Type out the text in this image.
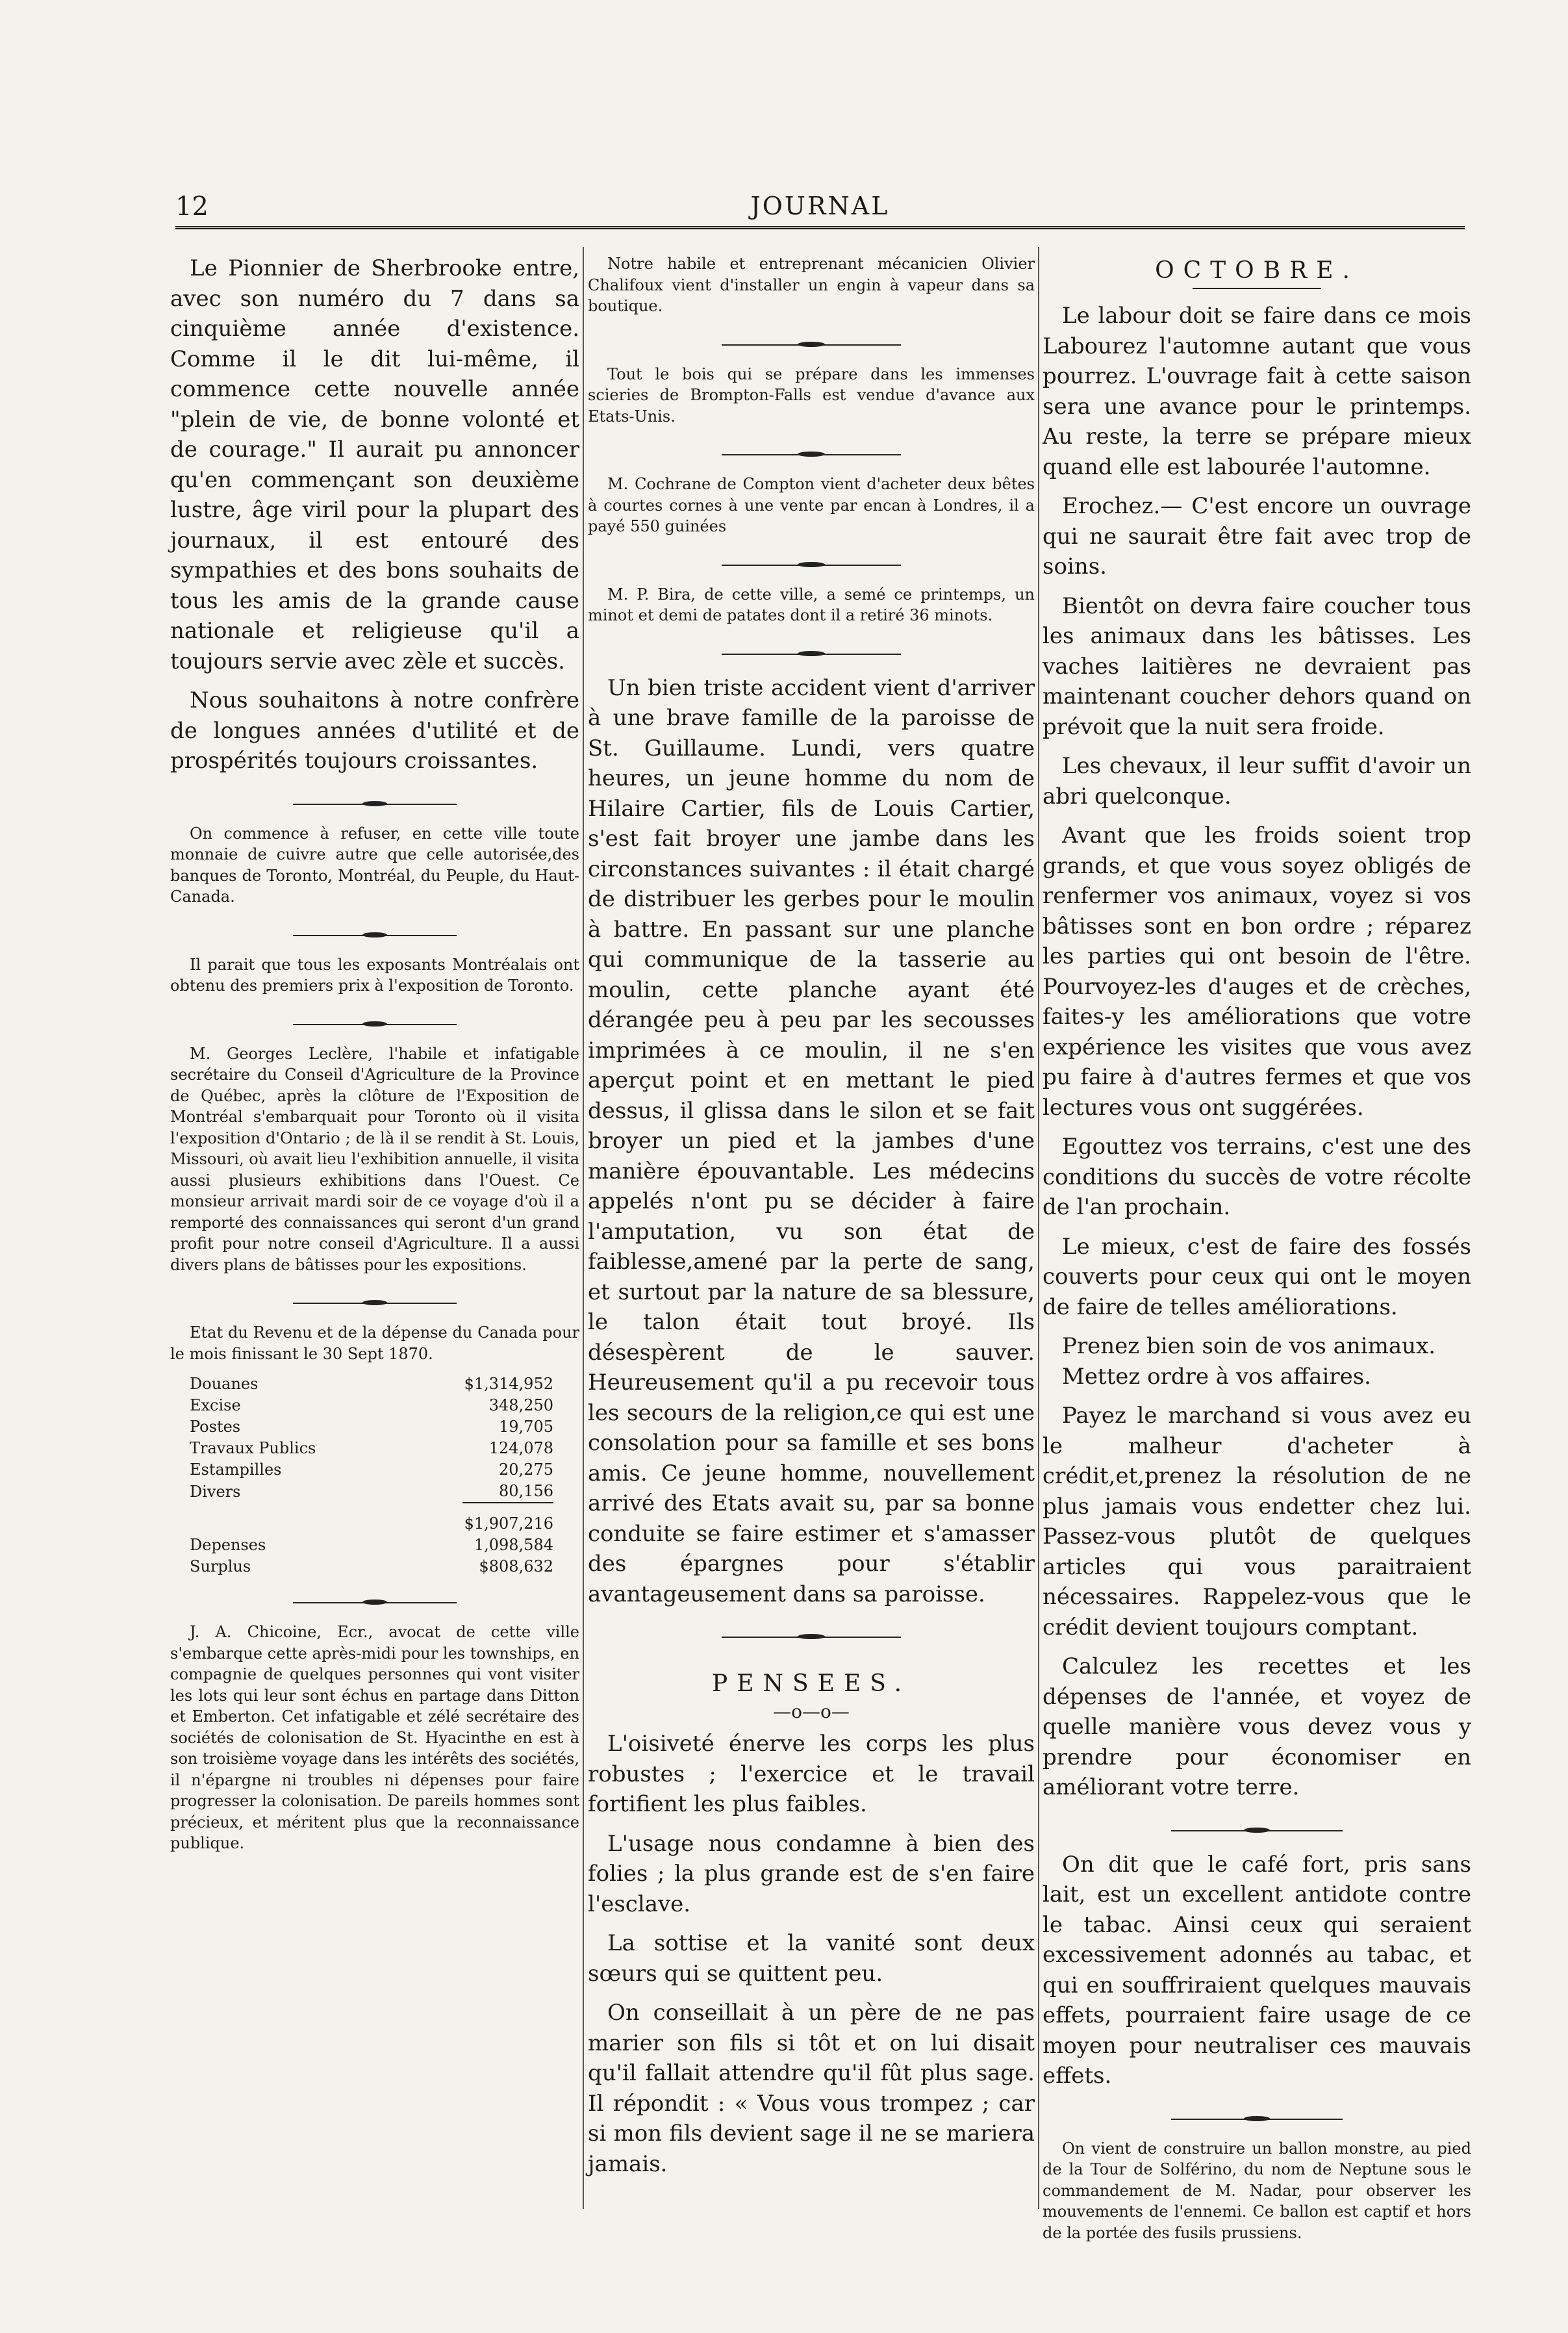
12	JOURNAL

Le Pionnier de Sherbrooke entre, avec son numéro du 7 dans sa cinquième année d'existence. Comme il le dit lui-même, il commence cette nouvelle année "plein de vie, de bonne volonté et de courage." Il aurait pu annoncer qu'en commençant son deuxième lustre, âge viril pour la plupart des journaux, il est entouré des sympathies et des bons souhaits de tous les amis de la grande cause nationale et religieuse qu'il a toujours servie avec zèle et succès.

Nous souhaitons à notre confrère de longues années d'utilité et de prospérités toujours croissantes.

On commence à refuser, en cette ville toute monnaie de cuivre autre que celle autorisée,des banques de Toronto, Montréal, du Peuple, du Haut-Canada.

Il parait que tous les exposants Montréalais ont obtenu des premiers prix à l'exposition de Toronto.

M. Georges Leclère, l'habile et infatigable secrétaire du Conseil d'Agriculture de la Province de Québec, après la clôture de l'Exposition de Montréal s'embarquait pour Toronto où il visita l'exposition d'Ontario ; de là il se rendit à St. Louis, Missouri, où avait lieu l'exhibition annuelle, il visita aussi plusieurs exhibitions dans l'Ouest. Ce monsieur arrivait mardi soir de ce voyage d'où il a remporté des connaissances qui seront d'un grand profit pour notre conseil d'Agriculture. Il a aussi divers plans de bâtisses pour les expositions.

Etat du Revenu et de la dépense du Canada pour le mois finissant le 30 Sept 1870.

Douanes	$1,314,952
Excise	348,250
Postes	19,705
Travaux Publics	124,078
Estampilles	20,275
Divers	80,156
	$1,907,216
Depenses	1,098,584
Surplus	$808,632

J. A. Chicoine, Ecr., avocat de cette ville s'embarque cette après-midi pour les townships, en compagnie de quelques personnes qui vont visiter les lots qui leur sont échus en partage dans Ditton et Emberton. Cet infatigable et zélé secrétaire des sociétés de colonisation de St. Hyacinthe en est à son troisième voyage dans les intérêts des sociétés, il n'épargne ni troubles ni dépenses pour faire progresser la colonisation. De pareils hommes sont précieux, et méritent plus que la reconnaissance publique.

Notre habile et entreprenant mécanicien Olivier Chalifoux vient d'installer un engin à vapeur dans sa boutique.

Tout le bois qui se prépare dans les immenses scieries de Brompton-Falls est vendue d'avance aux Etats-Unis.

M. Cochrane de Compton vient d'acheter deux bêtes à courtes cornes à une vente par encan à Londres, il a payé 550 guinées

M. P. Bira, de cette ville, a semé ce printemps, un minot et demi de patates dont il a retiré 36 minots.

Un bien triste accident vient d'arriver à une brave famille de la paroisse de St. Guillaume. Lundi, vers quatre heures, un jeune homme du nom de Hilaire Cartier, fils de Louis Cartier, s'est fait broyer une jambe dans les circonstances suivantes : il était chargé de distribuer les gerbes pour le moulin à battre. En passant sur une planche qui communique de la tasserie au moulin, cette planche ayant été dérangée peu à peu par les secousses imprimées à ce moulin, il ne s'en aperçut point et en mettant le pied dessus, il glissa dans le silon et se fait broyer un pied et la jambes d'une manière épouvantable. Les médecins appelés n'ont pu se décider à faire l'amputation, vu son état de faiblesse,amené par la perte de sang, et surtout par la nature de sa blessure, le talon était tout broyé. Ils désespèrent de le sauver. Heureusement qu'il a pu recevoir tous les secours de la religion,ce qui est une consolation pour sa famille et ses bons amis. Ce jeune homme, nouvellement arrivé des Etats avait su, par sa bonne conduite se faire estimer et s'amasser des épargnes pour s'établir avantageusement dans sa paroisse.

PENSEES.
—o—o—

L'oisiveté énerve les corps les plus robustes ; l'exercice et le travail fortifient les plus faibles.

L'usage nous condamne à bien des folies ; la plus grande est de s'en faire l'esclave.

La sottise et la vanité sont deux sœurs qui se quittent peu.

On conseillait à un père de ne pas marier son fils si tôt et on lui disait qu'il fallait attendre qu'il fût plus sage. Il répondit : « Vous vous trompez ; car si mon fils devient sage il ne se mariera jamais.

OCTOBRE.

Le labour doit se faire dans ce mois Labourez l'automne autant que vous pourrez. L'ouvrage fait à cette saison sera une avance pour le printemps. Au reste, la terre se prépare mieux quand elle est labourée l'automne.

Erochez.— C'est encore un ouvrage qui ne saurait être fait avec trop de soins.

Bientôt on devra faire coucher tous les animaux dans les bâtisses. Les vaches laitières ne devraient pas maintenant coucher dehors quand on prévoit que la nuit sera froide.

Les chevaux, il leur suffit d'avoir un abri quelconque.

Avant que les froids soient trop grands, et que vous soyez obligés de renfermer vos animaux, voyez si vos bâtisses sont en bon ordre ; réparez les parties qui ont besoin de l'être. Pourvoyez-les d'auges et de crèches, faites-y les améliorations que votre expérience les visites que vous avez pu faire à d'autres fermes et que vos lectures vous ont suggérées.

Egouttez vos terrains, c'est une des conditions du succès de votre récolte de l'an prochain.

Le mieux, c'est de faire des fossés couverts pour ceux qui ont le moyen de faire de telles améliorations.

Prenez bien soin de vos animaux.

Mettez ordre à vos affaires.

Payez le marchand si vous avez eu le malheur d'acheter à crédit,et,prenez la résolution de ne plus jamais vous endetter chez lui. Passez-vous plutôt de quelques articles qui vous paraitraient nécessaires. Rappelez-vous que le crédit devient toujours comptant.

Calculez les recettes et les dépenses de l'année, et voyez de quelle manière vous devez vous y prendre pour économiser en améliorant votre terre.

On dit que le café fort, pris sans lait, est un excellent antidote contre le tabac. Ainsi ceux qui seraient excessivement adonnés au tabac, et qui en souffriraient quelques mauvais effets, pourraient faire usage de ce moyen pour neutraliser ces mauvais effets.

On vient de construire un ballon monstre, au pied de la Tour de Solférino, du nom de Neptune sous le commandement de M. Nadar, pour observer les mouvements de l'ennemi. Ce ballon est captif et hors de la portée des fusils prussiens.
